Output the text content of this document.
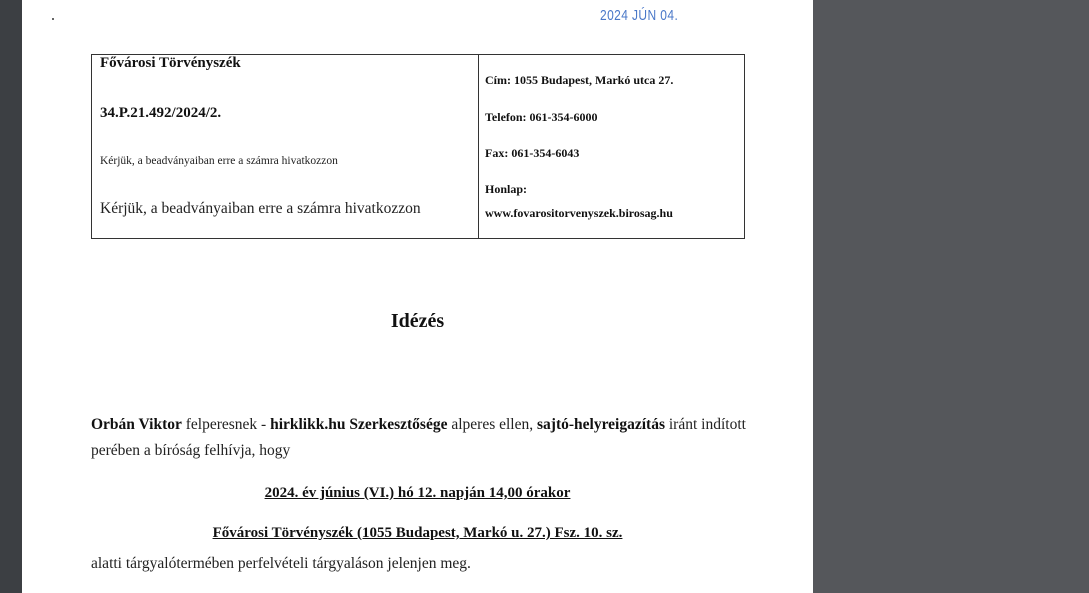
2024 JÚN 04.
Fővárosi Törvényszék
34.P.21.492/2024/2.
Kérjük, a beadványaiban erre a számra hivatkozzon
Kérjük, a beadványaiban erre a számra hivatkozzon
Cím: 1055 Budapest, Markó utca 27.
Telefon: 061-354-6000
Fax: 061-354-6043
Honlap:
www.fovarositorvenyszek.birosag.hu
Idézés
Orbán Viktor felperesnek - hirklikk.hu Szerkesztősége alperes ellen, sajtó-helyreigazítás iránt indított perében a bíróság felhívja, hogy
2024. év június (VI.) hó 12. napján 14,00 órakor
Fővárosi Törvényszék (1055 Budapest, Markó u. 27.) Fsz. 10. sz.
alatti tárgyalótermében perfelvételi tárgyaláson jelenjen meg.
